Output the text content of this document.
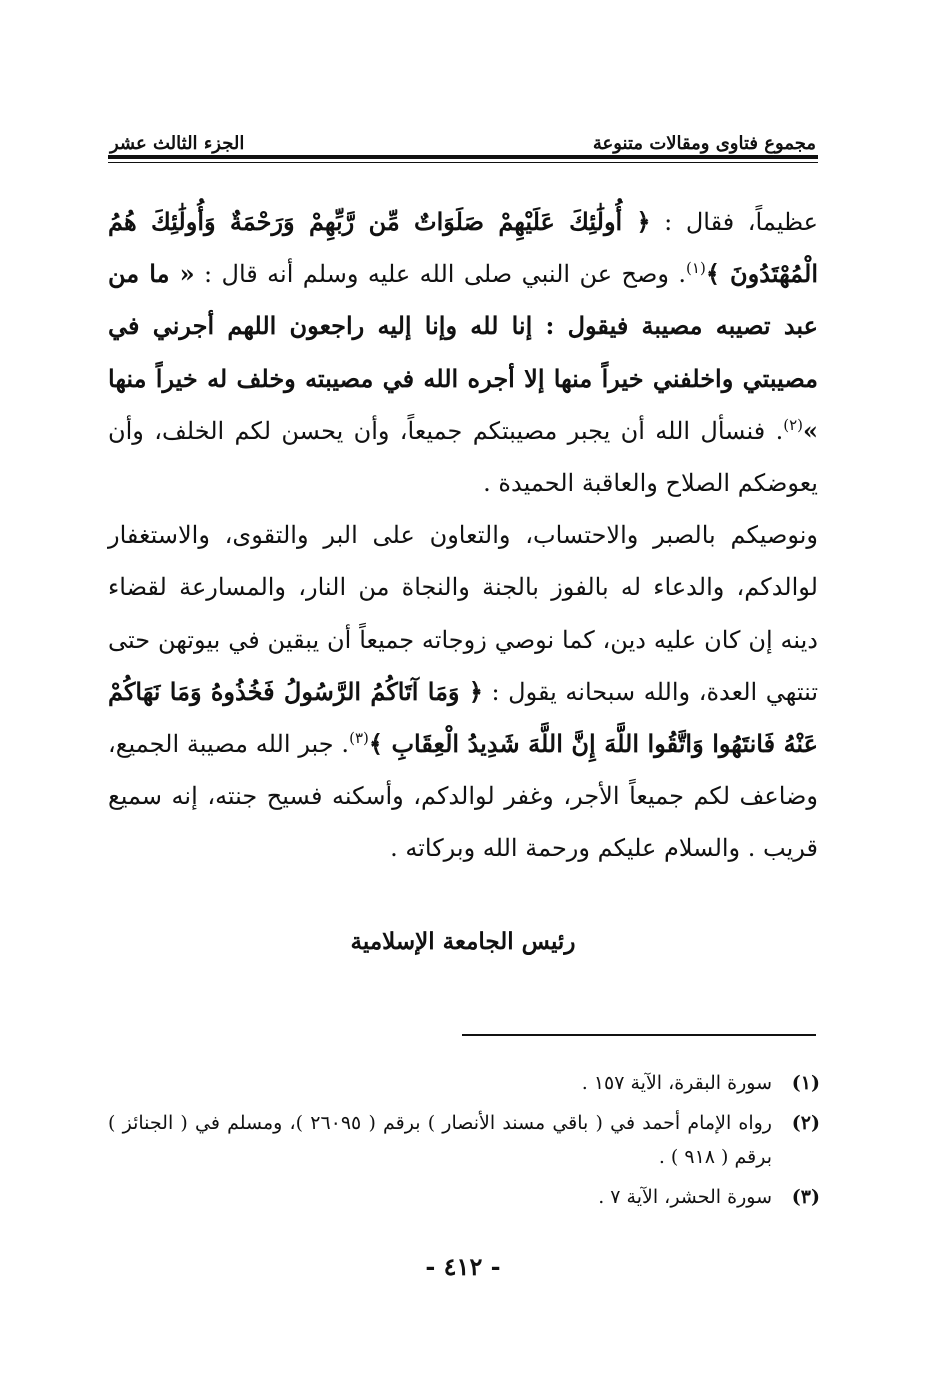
مجموع فتاوى ومقالات متنوعة
الجزء الثالث عشر

عظيماً، فقال : ﴿ أُولَٰئِكَ عَلَيْهِمْ صَلَوَاتٌ مِّن رَّبِّهِمْ وَرَحْمَةٌ وَأُولَٰئِكَ هُمُ الْمُهْتَدُونَ ﴾$^{(١)}$. وصح عن النبي صلى الله عليه وسلم أنه قال : « ما من عبد تصيبه مصيبة فيقول : إنا لله وإنا إليه راجعون اللهم أجرني في مصيبتي واخلفني خيراً منها إلا أجره الله في مصيبته وخلف له خيراً منها »$^{(٢)}$. فنسأل الله أن يجبر مصيبتكم جميعاً، وأن يحسن لكم الخلف، وأن يعوضكم الصلاح والعاقبة الحميدة .

ونوصيكم بالصبر والاحتساب، والتعاون على البر والتقوى، والاستغفار لوالدكم، والدعاء له بالفوز بالجنة والنجاة من النار، والمسارعة لقضاء دينه إن كان عليه دين، كما نوصي زوجاته جميعاً أن يبقين في بيوتهن حتى تنتهي العدة، والله سبحانه يقول : ﴿ وَمَا آتَاكُمُ الرَّسُولُ فَخُذُوهُ وَمَا نَهَاكُمْ عَنْهُ فَانتَهُوا وَاتَّقُوا اللَّهَ إِنَّ اللَّهَ شَدِيدُ الْعِقَابِ ﴾$^{(٣)}$. جبر الله مصيبة الجميع، وضاعف لكم جميعاً الأجر، وغفر لوالدكم، وأسكنه فسيح جنته، إنه سميع قريب . والسلام عليكم ورحمة الله وبركاته .

رئيس الجامعة الإسلامية
(١)
سورة البقرة، الآية ١٥٧ .
(٢)
رواه الإمام أحمد في ( باقي مسند الأنصار ) برقم ( ٢٦٠٩٥ )، ومسلم في ( الجنائز ) برقم ( ٩١٨ ) .
(٣)
سورة الحشر، الآية ٧ .
- ٤١٢ -
